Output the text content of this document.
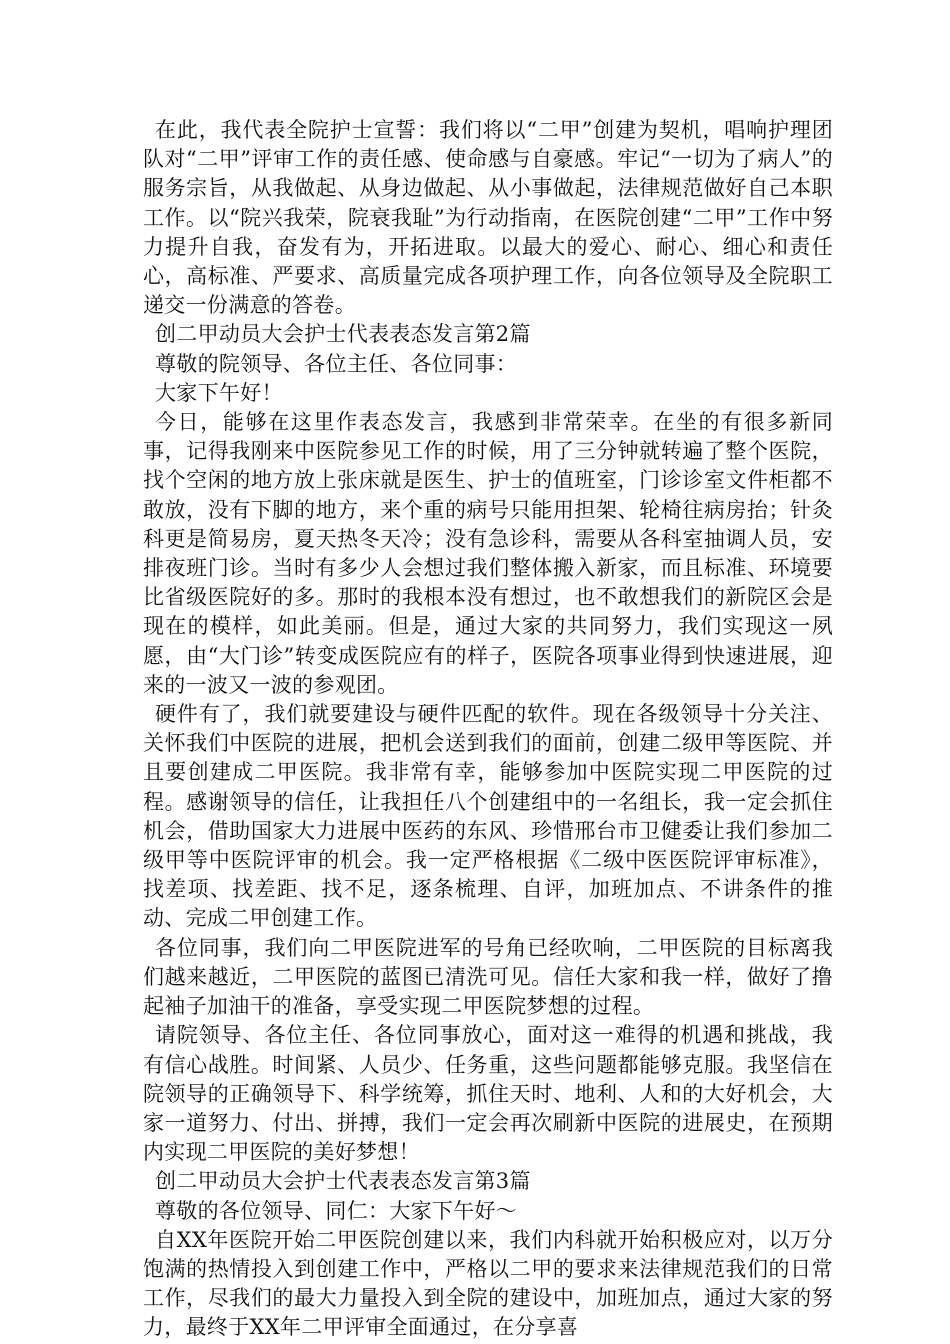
在此，我代表全院护士宣誓：我们将以“二甲”创建为契机，唱响护理团队对“二甲”评审工作的责任感、使命感与自豪感。牢记“一切为了病人”的服务宗旨，从我做起、从身边做起、从小事做起，法律规范做好自己本职工作。以“院兴我荣，院衰我耻”为行动指南，在医院创建“二甲”工作中努力提升自我，奋发有为，开拓进取。以最大的爱心、耐心、细心和责任心，高标准、严要求、高质量完成各项护理工作，向各位领导及全院职工递交一份满意的答卷。

创二甲动员大会护士代表表态发言第2篇

尊敬的院领导、各位主任、各位同事：

大家下午好！

今日，能够在这里作表态发言，我感到非常荣幸。在坐的有很多新同事，记得我刚来中医院参见工作的时候，用了三分钟就转遍了整个医院，找个空闲的地方放上张床就是医生、护士的值班室，门诊诊室文件柜都不敢放，没有下脚的地方，来个重的病号只能用担架、轮椅往病房抬；针灸科更是简易房，夏天热冬天冷；没有急诊科，需要从各科室抽调人员，安排夜班门诊。当时有多少人会想过我们整体搬入新家，而且标准、环境要比省级医院好的多。那时的我根本没有想过，也不敢想我们的新院区会是现在的模样，如此美丽。但是，通过大家的共同努力，我们实现这一夙愿，由“大门诊”转变成医院应有的样子，医院各项事业得到快速进展，迎来的一波又一波的参观团。

硬件有了，我们就要建设与硬件匹配的软件。现在各级领导十分关注、关怀我们中医院的进展，把机会送到我们的面前，创建二级甲等医院、并且要创建成二甲医院。我非常有幸，能够参加中医院实现二甲医院的过程。感谢领导的信任，让我担任八个创建组中的一名组长，我一定会抓住机会，借助国家大力进展中医药的东风、珍惜邢台市卫健委让我们参加二级甲等中医院评审的机会。我一定严格根据《二级中医医院评审标准》，找差项、找差距、找不足，逐条梳理、自评，加班加点、不讲条件的推动、完成二甲创建工作。

各位同事，我们向二甲医院进军的号角已经吹响，二甲医院的目标离我们越来越近，二甲医院的蓝图已清洗可见。信任大家和我一样，做好了撸起袖子加油干的准备，享受实现二甲医院梦想的过程。

请院领导、各位主任、各位同事放心，面对这一难得的机遇和挑战，我有信心战胜。时间紧、人员少、任务重，这些问题都能够克服。我坚信在院领导的正确领导下、科学统筹，抓住天时、地利、人和的大好机会，大家一道努力、付出、拼搏，我们一定会再次刷新中医院的进展史，在预期内实现二甲医院的美好梦想！

创二甲动员大会护士代表表态发言第3篇

尊敬的各位领导、同仁：大家下午好～

自XX年医院开始二甲医院创建以来，我们内科就开始积极应对，以万分饱满的热情投入到创建工作中，严格以二甲的要求来法律规范我们的日常工作，尽我们的最大力量投入到全院的建设中，加班加点，通过大家的努力，最终于XX年二甲评审全面通过，在分享喜
